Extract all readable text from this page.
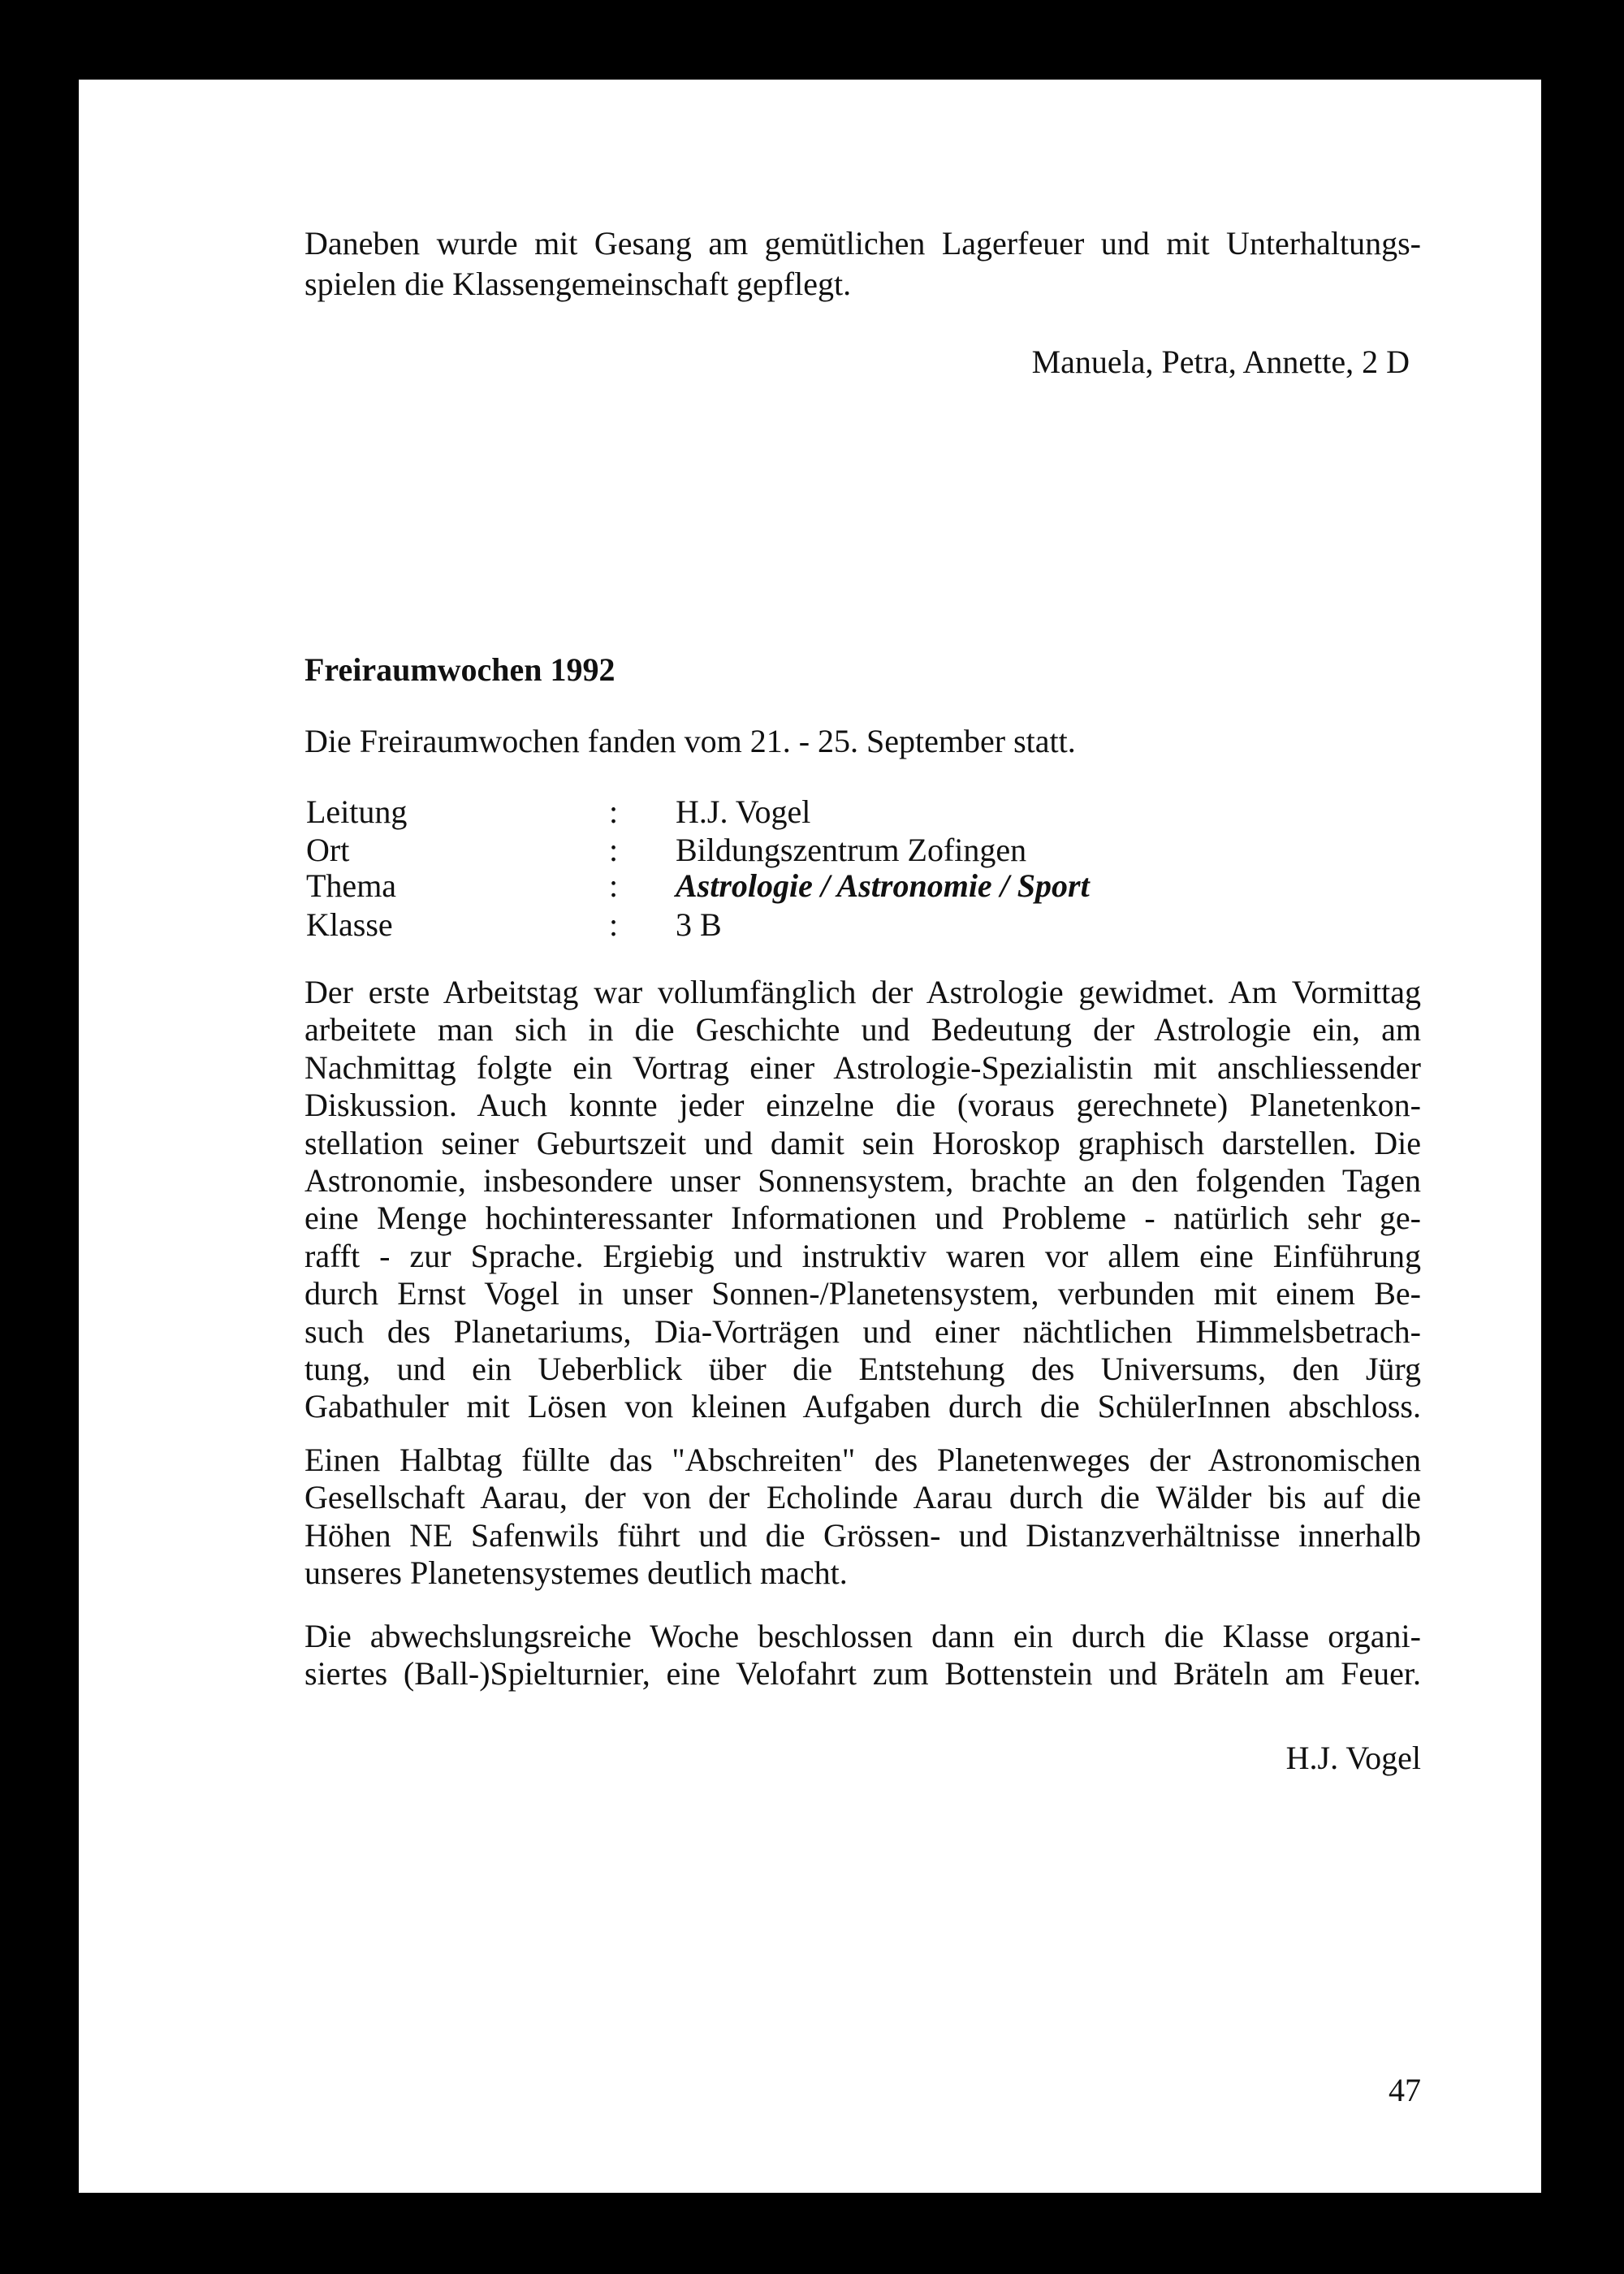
Daneben wurde mit Gesang am gemütlichen Lagerfeuer und mit Unterhaltungs-
spielen die Klassengemeinschaft gepflegt.
Manuela, Petra, Annette, 2 D
Freiraumwochen 1992
Die Freiraumwochen fanden vom 21. - 25. September statt.
Leitung	: H.J. Vogel
Ort	: Bildungszentrum Zofingen
Thema	: Astrologie / Astronomie / Sport
Klasse	: 3 B
Der erste Arbeitstag war vollumfänglich der Astrologie gewidmet. Am Vormittag
arbeitete man sich in die Geschichte und Bedeutung der Astrologie ein, am
Nachmittag folgte ein Vortrag einer Astrologie-Spezialistin mit anschliessender
Diskussion. Auch konnte jeder einzelne die (voraus gerechnete) Planetenkon-
stellation seiner Geburtszeit und damit sein Horoskop graphisch darstellen. Die
Astronomie, insbesondere unser Sonnensystem, brachte an den folgenden Tagen
eine Menge hochinteressanter Informationen und Probleme - natürlich sehr ge-
rafft - zur Sprache. Ergiebig und instruktiv waren vor allem eine Einführung
durch Ernst Vogel in unser Sonnen-/Planetensystem, verbunden mit einem Be-
such des Planetariums, Dia-Vorträgen und einer nächtlichen Himmelsbetrach-
tung, und ein Ueberblick über die Entstehung des Universums, den Jürg
Gabathuler mit Lösen von kleinen Aufgaben durch die SchülerInnen abschloss.
Einen Halbtag füllte das "Abschreiten" des Planetenweges der Astronomischen
Gesellschaft Aarau, der von der Echolinde Aarau durch die Wälder bis auf die
Höhen NE Safenwils führt und die Grössen- und Distanzverhältnisse innerhalb
unseres Planetensystemes deutlich macht.
Die abwechslungsreiche Woche beschlossen dann ein durch die Klasse organi-
siertes (Ball-)Spielturnier, eine Velofahrt zum Bottenstein und Bräteln am Feuer.
H.J. Vogel
47
